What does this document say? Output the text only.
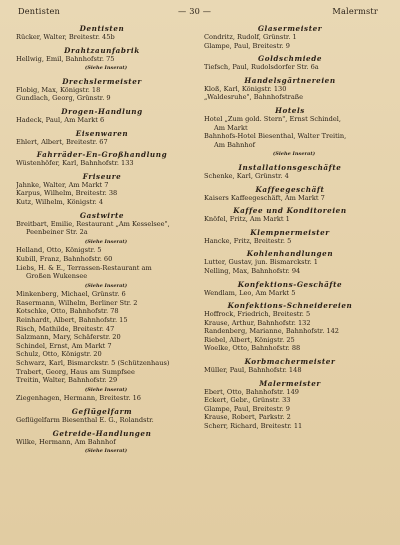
Dentisten	— 30 —	Malermstr
Dentisten
Rücker, Walter, Breitestr. 45b
Drahtzaunfabrik
Hellwig, Emil, Bahnhofstr. 75
(Siehe Inserat)
Drechslermeister
Flobig, Max, Königstr. 18
Gundlach, Georg, Grünstr. 9
Drogen-Handlung
Hadeck, Paul, Am Markt 6
Eisenwaren
Ehlert, Albert, Breitestr. 67
Fahrräder-En-Großhandlung
Wüstenhöfer, Karl, Bahnhofstr. 133
Friseure
Jahnke, Walter, Am Markt 7
Karpus, Wilhelm, Breitestr. 38
Kutz, Wilhelm, Königstr. 4
Gastwirte
Breitbart, Emilie, Restaurant „Am Kesselsee",
Peenbeiner Str. 2a
(Siehe Inserat)
Helland, Otto, Königstr. 5
Kubill, Franz, Bahnhofstr. 60
Liebs, H. & E., Terrassen-Restaurant am
Großen Wukensee
(Siehe Inserat)
Minkenberg, Michael, Grünstr. 6
Rasermann, Wilhelm, Berliner Str. 2
Kotschke, Otto, Bahnhofstr. 78
Reinhardt, Albert, Bahnhofstr. 15
Risch, Mathilde, Breitestr. 47
Salzmann, Mary, Schäferstr. 20
Schindel, Ernst, Am Markt 7
Schulz, Otto, Königstr. 20
Schwarz, Karl, Bismarckstr. 5 (Schützenhaus)
Trabert, Georg, Haus am Sumpfsee
Treitin, Walter, Bahnhofstr. 29
(Siehe Inserat)
Ziegenhagen, Hermann, Breitestr. 16
Geflügelfarm
Geflügelfarm Biesenthal E. G., Rolandstr.
Getreide-Handlungen
Wilke, Hermann, Am Bahnhof
(Siehe Inserat)
Glasermeister
Condritz, Rudolf, Grünstr. 1
Glampe, Paul, Breitestr. 9
Goldschmiede
Tiefsch, Paul, Rudolsdorfer Str. 6a
Handelsgärtnereien
Kloß, Karl, Königstr. 130
„Waldesruhe", Bahnhofstraße
Hotels
Hotel „Zum gold. Stern", Ernst Schindel,
Am Markt
Bahnhofs-Hotel Biesenthal, Walter Treitin,
Am Bahnhof
(Siehe Inserat)
Installationsgeschäfte
Schenke, Karl, Grünstr. 4
Kaffeegeschäft
Kaisers Kaffeegeschäft, Am Markt 7
Kaffee und Konditoreien
Knöfel, Fritz, Am Markt 1
Klempnermeister
Hancke, Fritz, Breitestr. 5
Kohlenhandlungen
Lutter, Gustav, jun. Bismarckstr. 1
Nelling, Max, Bahnhofstr. 94
Konfektions-Geschäfte
Wendlam, Leo, Am Markt 5
Konfektions-Schneidereien
Hoffrock, Friedrich, Breitestr. 5
Krause, Arthur, Bahnhofstr. 132
Randenberg, Marianne, Bahnhofstr. 142
Riebel, Albert, Königstr. 25
Woelke, Otto, Bahnhofstr. 88
Korbmachermeister
Müller, Paul, Bahnhofstr. 148
Malermeister
Ebert, Otto, Bahnhofstr. 149
Eckert, Gebr., Grünstr. 33
Glampe, Paul, Breitestr. 9
Krause, Robert, Parkstr. 2
Scherr, Richard, Breitestr. 11
